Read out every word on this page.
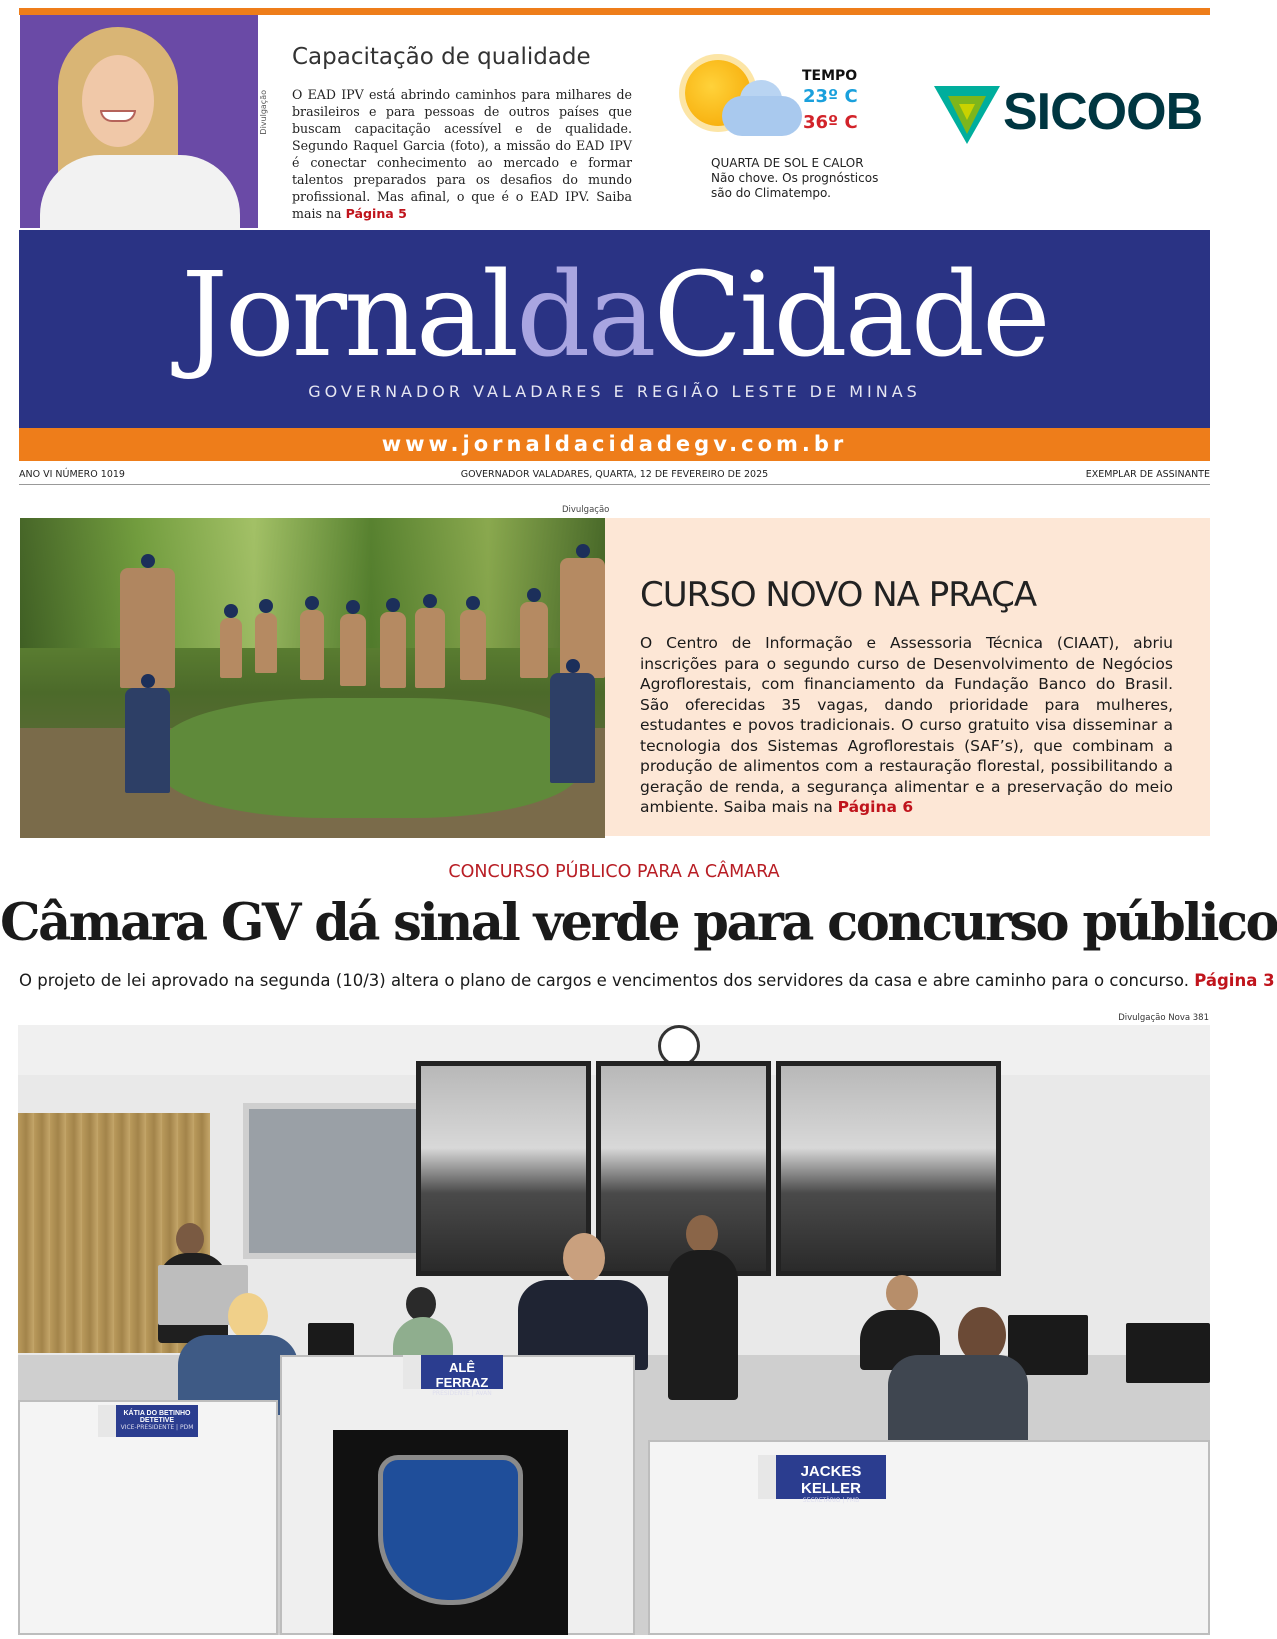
Divulgação
Capacitação de qualidade

O EAD IPV está abrindo caminhos para milhares de brasileiros e para pessoas de outros países que buscam capacitação acessível e de qualidade. Segundo Raquel Garcia (foto), a missão do EAD IPV é conectar conhecimento ao mercado e formar talentos preparados para os desafios do mundo profissional. Mas afinal, o que é o EAD IPV. Saiba mais na Página 5

TEMPO
23º C
36º C
QUARTA DE SOL E CALOR
Não chove. Os prognósticos são do Climatempo.
SICOOB
JornaldaCidade
GOVERNADOR VALADARES E REGIÃO LESTE DE MINAS
www.jornaldacidadegv.com.br
ANO VI NÚMERO 1019	GOVERNADOR VALADARES, QUARTA, 12 DE FEVEREIRO DE 2025	EXEMPLAR DE ASSINANTE
Divulgação
CURSO NOVO NA PRAÇA

O Centro de Informação e Assessoria Técnica (CIAAT), abriu inscrições para o segundo curso de Desenvolvimento de Negócios Agroflorestais, com financiamento da Fundação Banco do Brasil. São oferecidas 35 vagas, dando prioridade para mulheres, estudantes e povos tradicionais. O curso gratuito visa disseminar a tecnologia dos Sistemas Agroflorestais (SAF’s), que combinam a produção de alimentos com a restauração florestal, possibilitando a geração de renda, a segurança alimentar e a preservação do meio ambiente. Saiba mais na Página 6

CONCURSO PÚBLICO PARA A CÂMARA
Câmara GV dá sinal verde para concurso público

O projeto de lei aprovado na segunda (10/3) altera o plano de cargos e vencimentos dos servidores da casa e abre caminho para o concurso. Página 3

Divulgação Nova 381
KÁTIA DO BETINHO DETETIVE
VICE-PRESIDENTE | PDM
ALÊ FERRAZ
PRESIDENTE | AVAN
JACKES KELLER
SECRETÁRIO | PMB
